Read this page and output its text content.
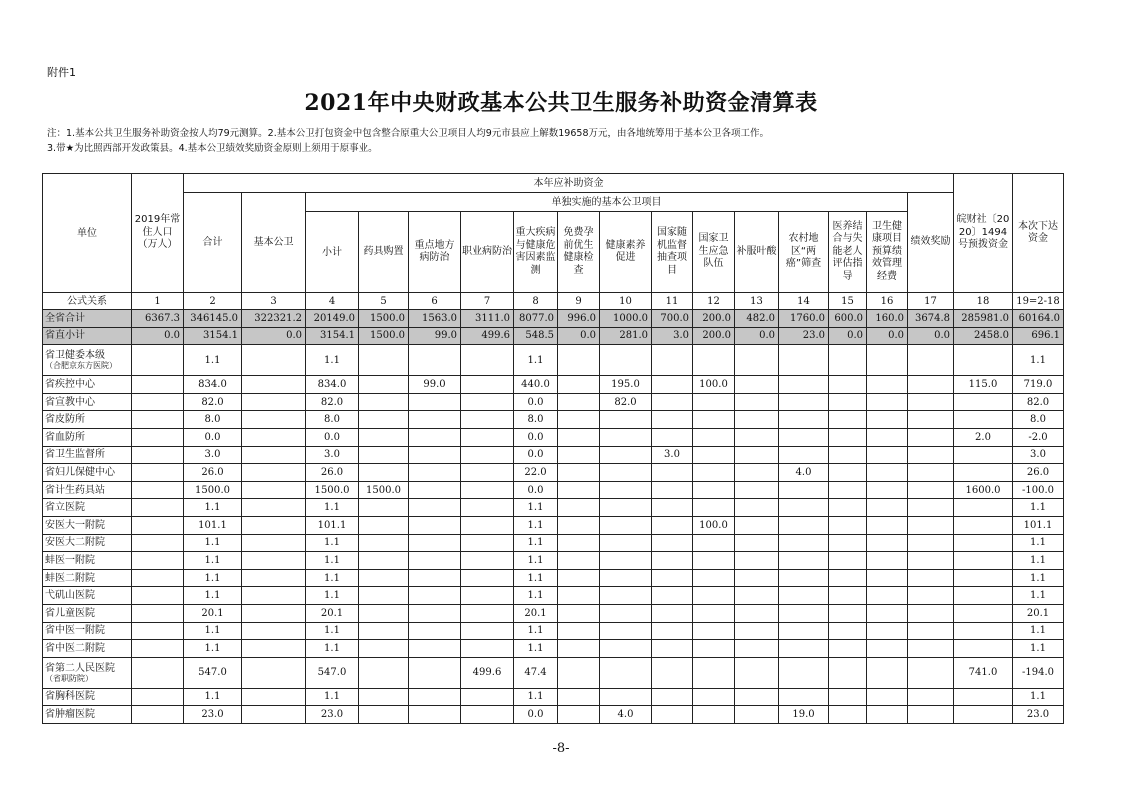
附件1
2021年中央财政基本公共卫生服务补助资金清算表
注：1.基本公共卫生服务补助资金按人均79元测算。2.基本公卫打包资金中包含整合原重大公卫项目人均9元市县应上解数19658万元，由各地统筹用于基本公卫各项工作。
3.带★为比照西部开发政策县。4.基本公卫绩效奖励资金原则上须用于原事业。
单位	2019年常住人口（万人）	本年应补助资金																皖财社〔2020〕1494号预拨资金	本次下达资金
		合计	基本公卫	单独实施的基本公卫项目													绩效奖励		
				小计	药具购置	重点地方病防治	职业病防治	重大疾病与健康危害因素监测	免费孕前优生健康检查	健康素养促进	国家随机监督抽查项目	国家卫生应急队伍	补服叶酸	农村地区“两癌”筛查	医养结合与失能老人评估指导	卫生健康项目预算绩效管理经费			
公式关系	1	2	3	4	5	6	7	8	9	10	11	12	13	14	15	16	17	18	19=2-18
全省合计	6367.3	346145.0	322321.2	20149.0	1500.0	1563.0	3111.0	8077.0	996.0	1000.0	700.0	200.0	482.0	1760.0	600.0	160.0	3674.8	285981.0	60164.0
省直小计	0.0	3154.1	0.0	3154.1	1500.0	99.0	499.6	548.5	0.0	281.0	3.0	200.0	0.0	23.0	0.0	0.0	0.0	2458.0	696.1

省卫健委本级
（合肥京东方医院）		1.1		1.1				1.1											1.1
省疾控中心		834.0		834.0		99.0		440.0		195.0		100.0						115.0	719.0
省宣教中心		82.0		82.0				0.0		82.0									82.0
省皮防所		8.0		8.0				8.0											8.0
省血防所		0.0		0.0				0.0										2.0	-2.0
省卫生监督所		3.0		3.0				0.0			3.0								3.0
省妇儿保健中心		26.0		26.0				22.0						4.0					26.0
省计生药具站		1500.0		1500.0	1500.0			0.0										1600.0	-100.0
省立医院		1.1		1.1				1.1											1.1
安医大一附院		101.1		101.1				1.1				100.0							101.1
安医大二附院		1.1		1.1				1.1											1.1
蚌医一附院		1.1		1.1				1.1											1.1
蚌医二附院		1.1		1.1				1.1											1.1
弋矶山医院		1.1		1.1				1.1											1.1
省儿童医院		20.1		20.1				20.1											20.1
省中医一附院		1.1		1.1				1.1											1.1
省中医二附院		1.1		1.1				1.1											1.1

省第二人民医院
（省职防院）		547.0		547.0			499.6	47.4										741.0	-194.0
省胸科医院		1.1		1.1				1.1											1.1
省肿瘤医院		23.0		23.0				0.0		4.0				19.0					23.0
-8-
